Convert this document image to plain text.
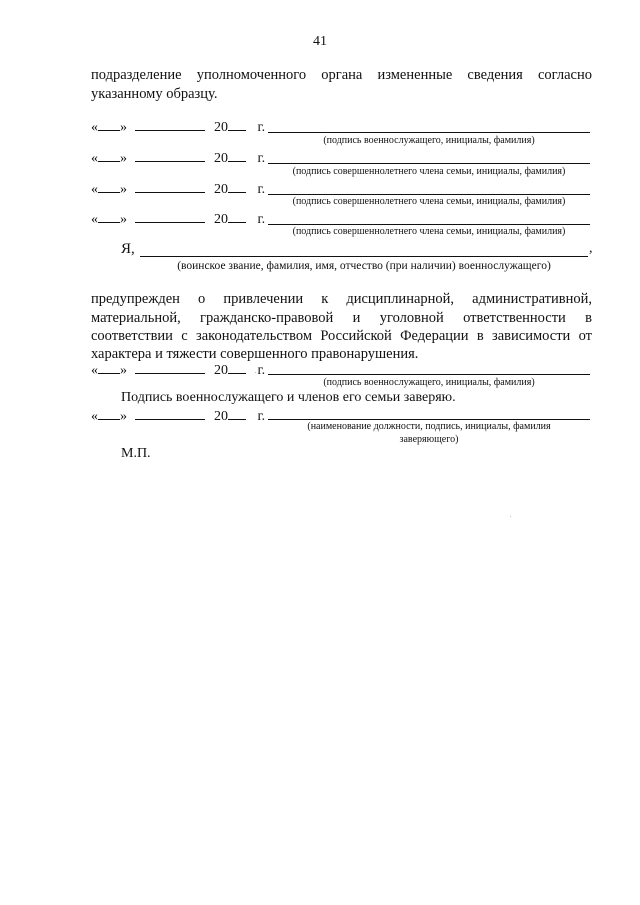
41
подразделение уполномоченного органа измененные сведения согласно
указанному образцу.
« »	20 г.
(подпись военнослужащего, инициалы, фамилия)
« »	20 г.
(подпись совершеннолетнего члена семьи, инициалы, фамилия)
« »	20 г.
(подпись совершеннолетнего члена семьи, инициалы, фамилия)
« »	20 г.
(подпись совершеннолетнего члена семьи, инициалы, фамилия)
Я,	,
(воинское звание, фамилия, имя, отчество (при наличии) военнослужащего)
предупрежден о привлечении к дисциплинарной, административной,
материальной, гражданско-правовой и уголовной ответственности в
соответствии с законодательством Российской Федерации в зависимости от
характера и тяжести совершенного правонарушения.
« »	20 г.
(подпись военнослужащего, инициалы, фамилия)
Подпись военнослужащего и членов его семьи заверяю.
« »	20 г.
(наименование должности, подпись, инициалы, фамилия
заверяющего)
М.П.
